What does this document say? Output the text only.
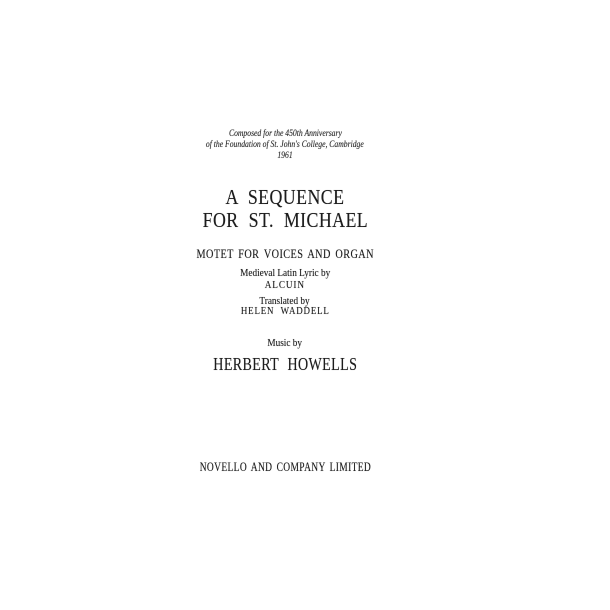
Composed for the 450th Anniversary
of the Foundation of St. John's College, Cambridge
1961
A SEQUENCE
FOR ST. MICHAEL
MOTET FOR VOICES AND ORGAN
Medieval Latin Lyric by
ALCUIN
Translated by
HELEN WADDELL
Music by
HERBERT HOWELLS
NOVELLO AND COMPANY LIMITED
